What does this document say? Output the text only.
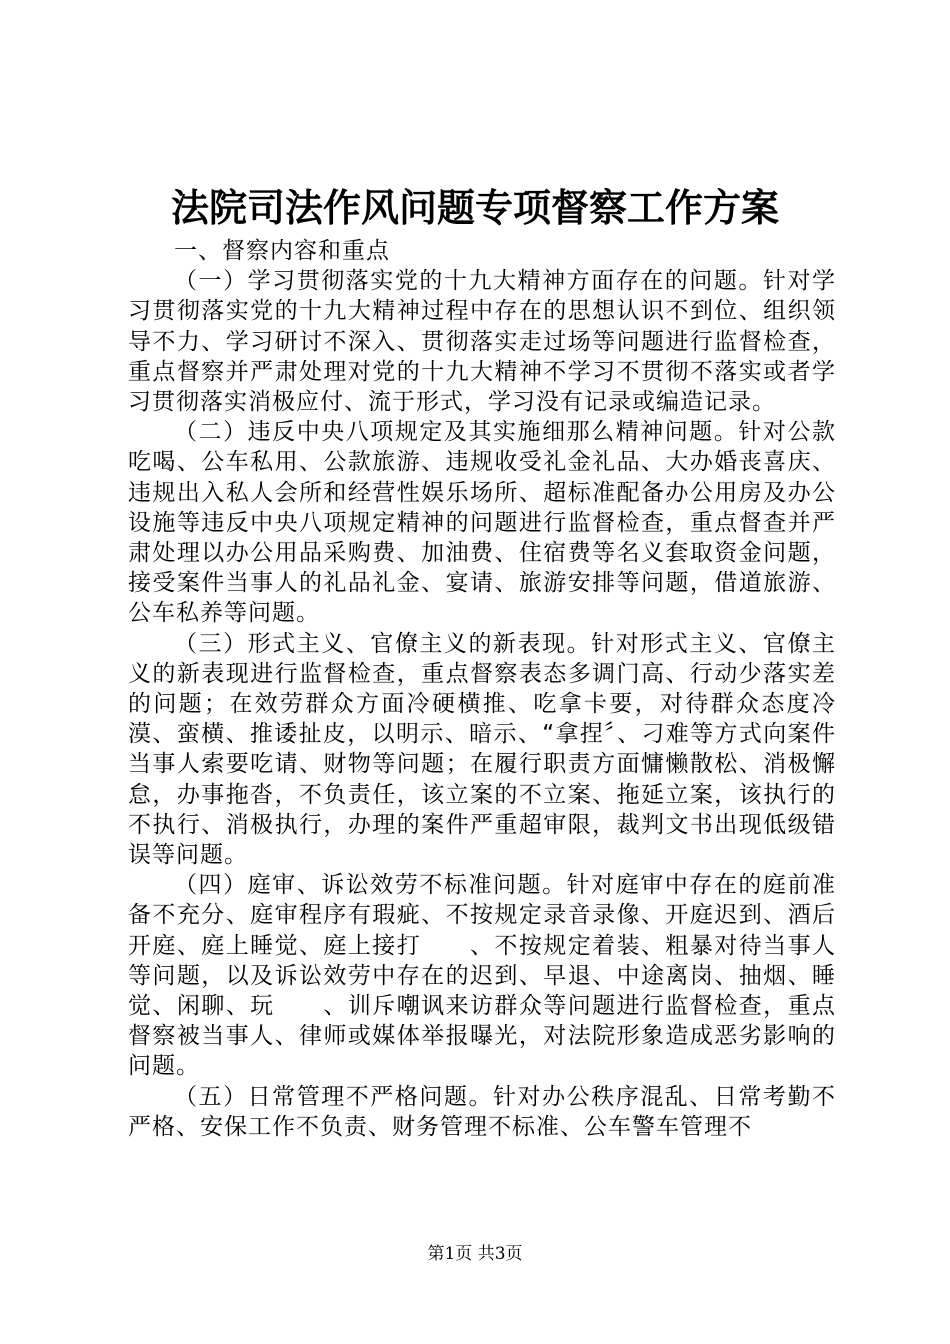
法院司法作风问题专项督察工作方案

一、督察内容和重点

（一）学习贯彻落实党的十九大精神方面存在的问题。针对学习贯彻落实党的十九大精神过程中存在的思想认识不到位、组织领导不力、学习研讨不深入、贯彻落实走过场等问题进行监督检查，重点督察并严肃处理对党的十九大精神不学习不贯彻不落实或者学习贯彻落实消极应付、流于形式，学习没有记录或编造记录。

（二）违反中央八项规定及其实施细那么精神问题。针对公款吃喝、公车私用、公款旅游、违规收受礼金礼品、大办婚丧喜庆、违规出入私人会所和经营性娱乐场所、超标准配备办公用房及办公设施等违反中央八项规定精神的问题进行监督检查，重点督查并严肃处理以办公用品采购费、加油费、住宿费等名义套取资金问题，接受案件当事人的礼品礼金、宴请、旅游安排等问题，借道旅游、公车私养等问题。

（三）形式主义、官僚主义的新表现。针对形式主义、官僚主义的新表现进行监督检查，重点督察表态多调门高、行动少落实差的问题；在效劳群众方面冷硬横推、吃拿卡要，对待群众态度冷漠、蛮横、推诿扯皮，以明示、暗示、“拿捏〞、刁难等方式向案件当事人索要吃请、财物等问题；在履行职责方面慵懒散松、消极懈怠，办事拖沓，不负责任，该立案的不立案、拖延立案，该执行的不执行、消极执行，办理的案件严重超审限，裁判文书出现低级错误等问题。

（四）庭审、诉讼效劳不标准问题。针对庭审中存在的庭前准备不充分、庭审程序有瑕疵、不按规定录音录像、开庭迟到、酒后开庭、庭上睡觉、庭上接打　　、不按规定着装、粗暴对待当事人等问题，以及诉讼效劳中存在的迟到、早退、中途离岗、抽烟、睡觉、闲聊、玩　　、训斥嘲讽来访群众等问题进行监督检查，重点督察被当事人、律师或媒体举报曝光，对法院形象造成恶劣影响的问题。

（五）日常管理不严格问题。针对办公秩序混乱、日常考勤不严格、安保工作不负责、财务管理不标准、公车警车管理不

第1页 共3页
